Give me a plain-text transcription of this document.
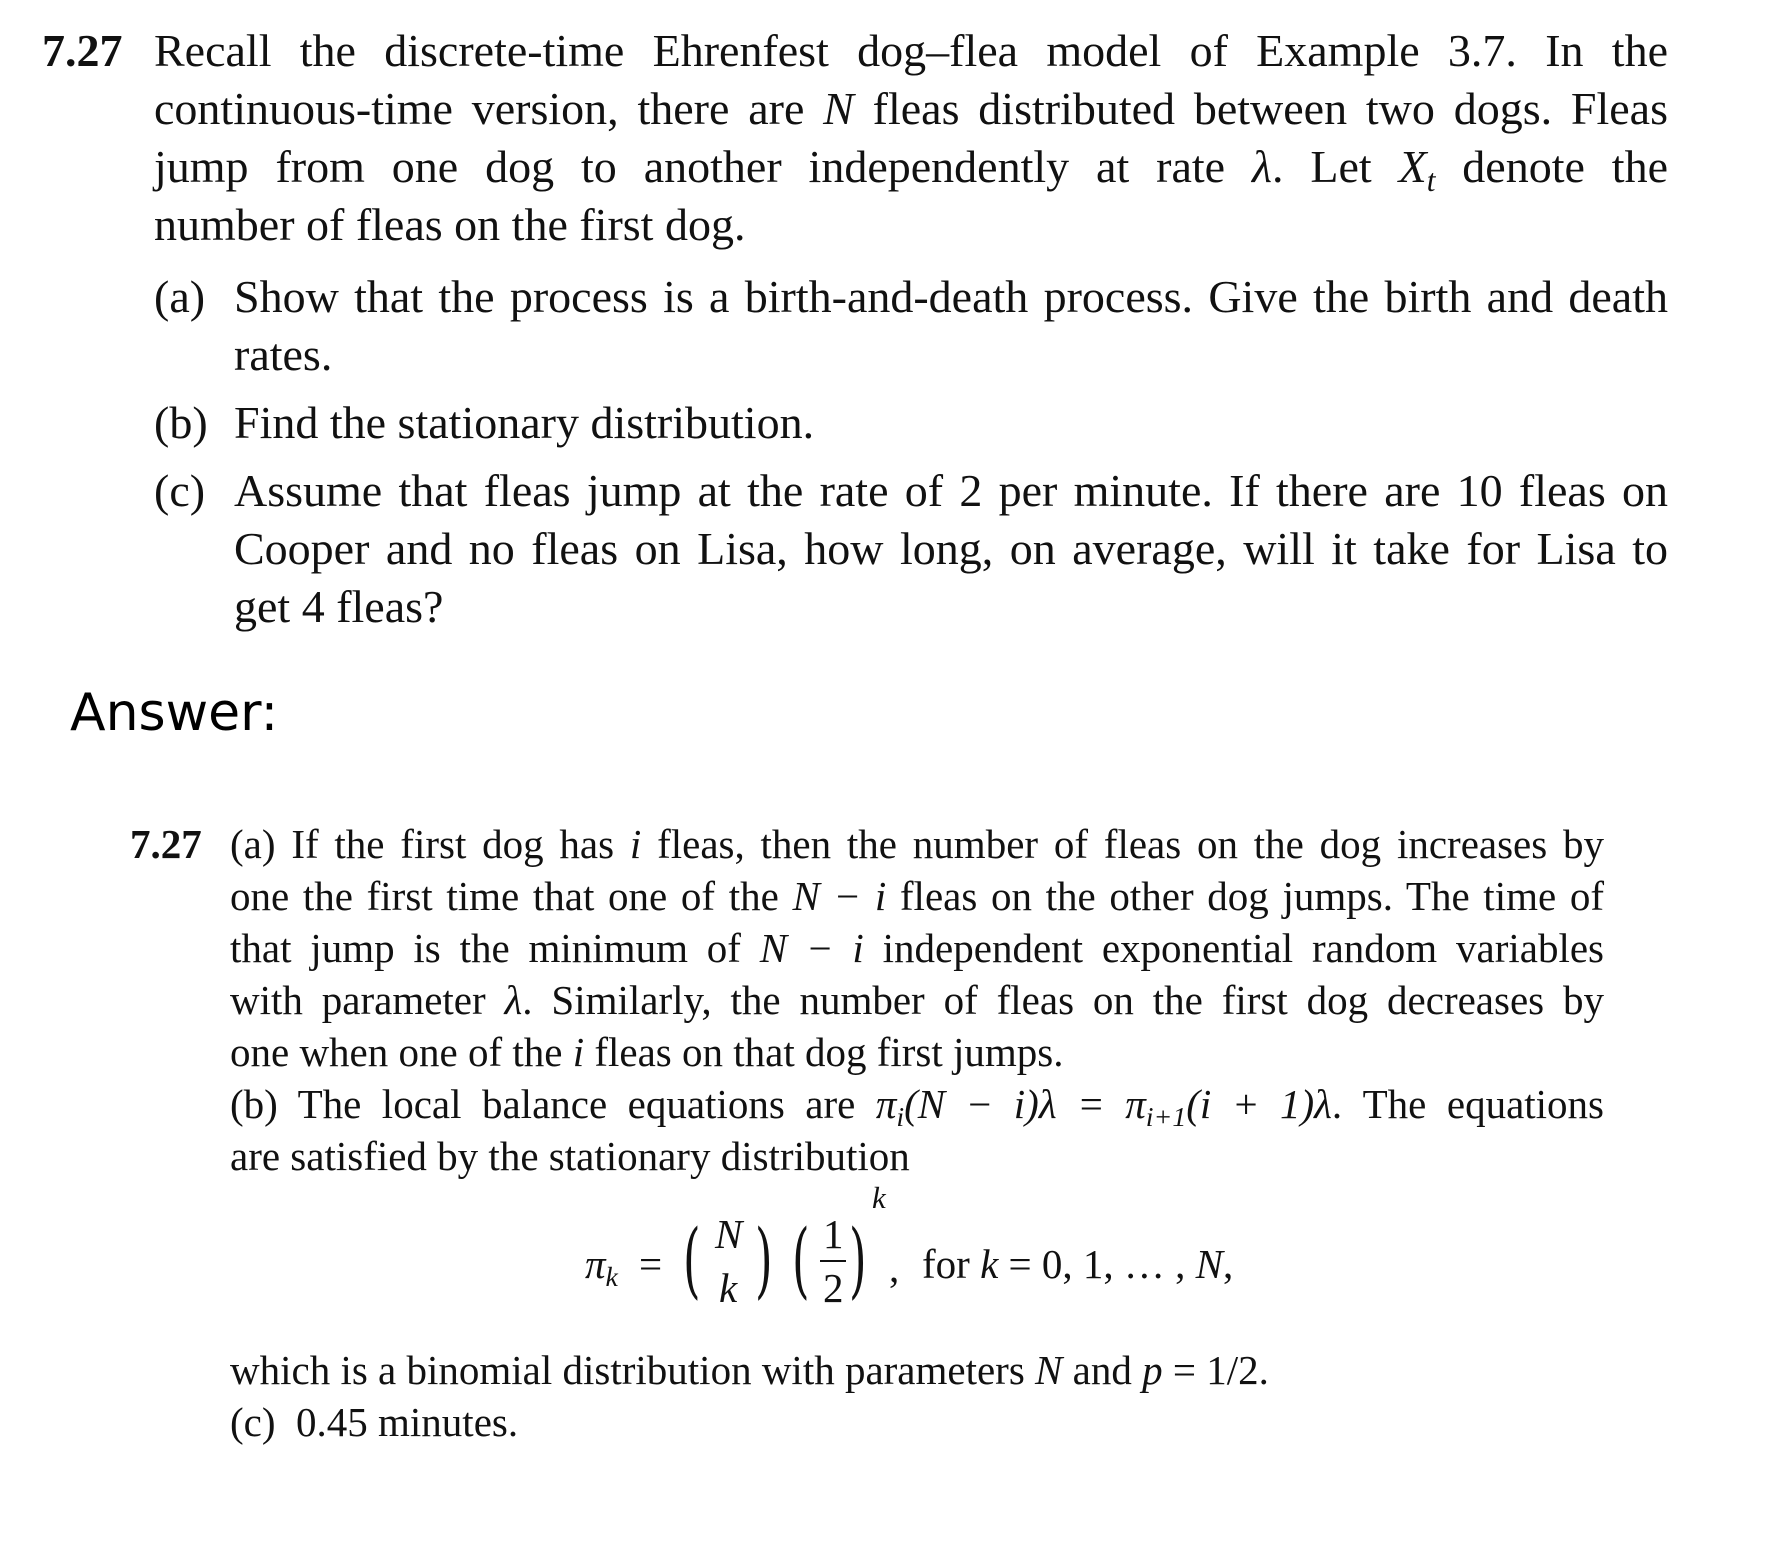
7.27 Recall the discrete-time Ehrenfest dog–flea model of Example 3.7. In the
continuous-time version, there are N fleas distributed between two dogs. Fleas
jump from one dog to another independently at rate λ. Let $X_t$ denote the
number of fleas on the first dog.
(a) Show that the process is a birth-and-death process. Give the birth and death
rates.
(b) Find the stationary distribution.
(c) Assume that fleas jump at the rate of 2 per minute. If there are 10 fleas on
Cooper and no fleas on Lisa, how long, on average, will it take for Lisa to
get 4 fleas?
Answer:
7.27 (a) If the first dog has i fleas, then the number of fleas on the dog increases by
one the first time that one of the N − i fleas on the other dog jumps. The time of
that jump is the minimum of N − i independent exponential random variables
with parameter λ. Similarly, the number of fleas on the first dog decreases by
one when one of the i fleas on that dog first jumps.
(b) The local balance equations are $\pi_i(N - i)\lambda = \pi_{i+1}(i + 1)\lambda$. The equations
are satisfied by the stationary distribution
$\pi_k$ = ( N
k ) ( 1
2 )
k
, for k = 0, 1, … , N,
which is a binomial distribution with parameters N and p = 1/2.
(c) 0.45 minutes.
